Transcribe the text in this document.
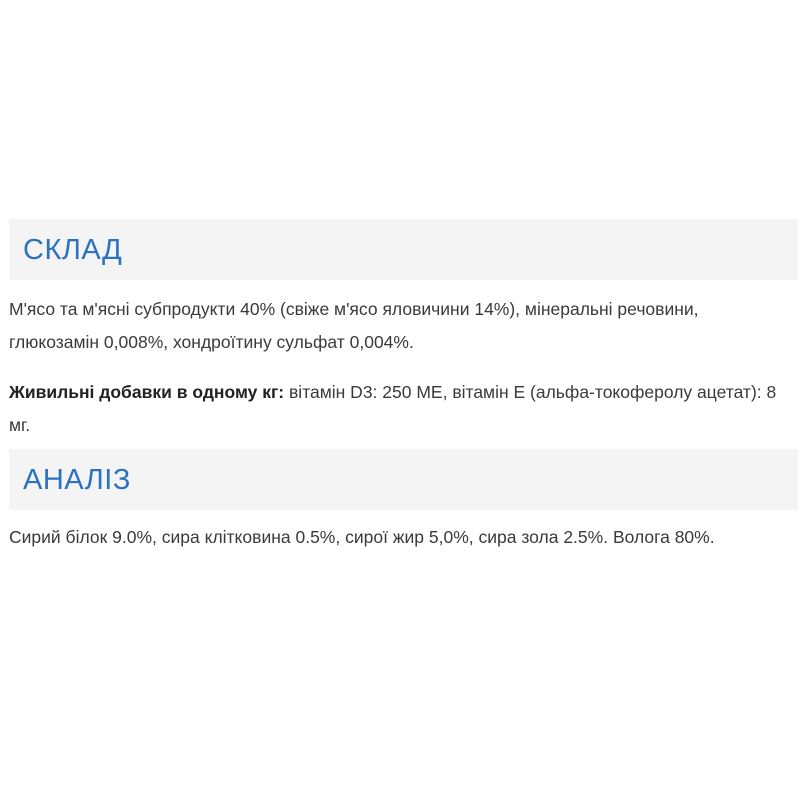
СКЛАД

М'ясо та м'ясні субпродукти 40% (свіже м'ясо яловичини 14%), мінеральні речовини, глюкозамін 0,008%, хондроїтину сульфат 0,004%.

Живильні добавки в одному кг: вітамін D3: 250 МЕ, вітамін Е (альфа-токоферолу ацетат): 8 мг.

АНАЛІЗ

Сирий білок 9.0%, сира клітковина 0.5%, сирої жир 5,0%, сира зола 2.5%. Волога 80%.
